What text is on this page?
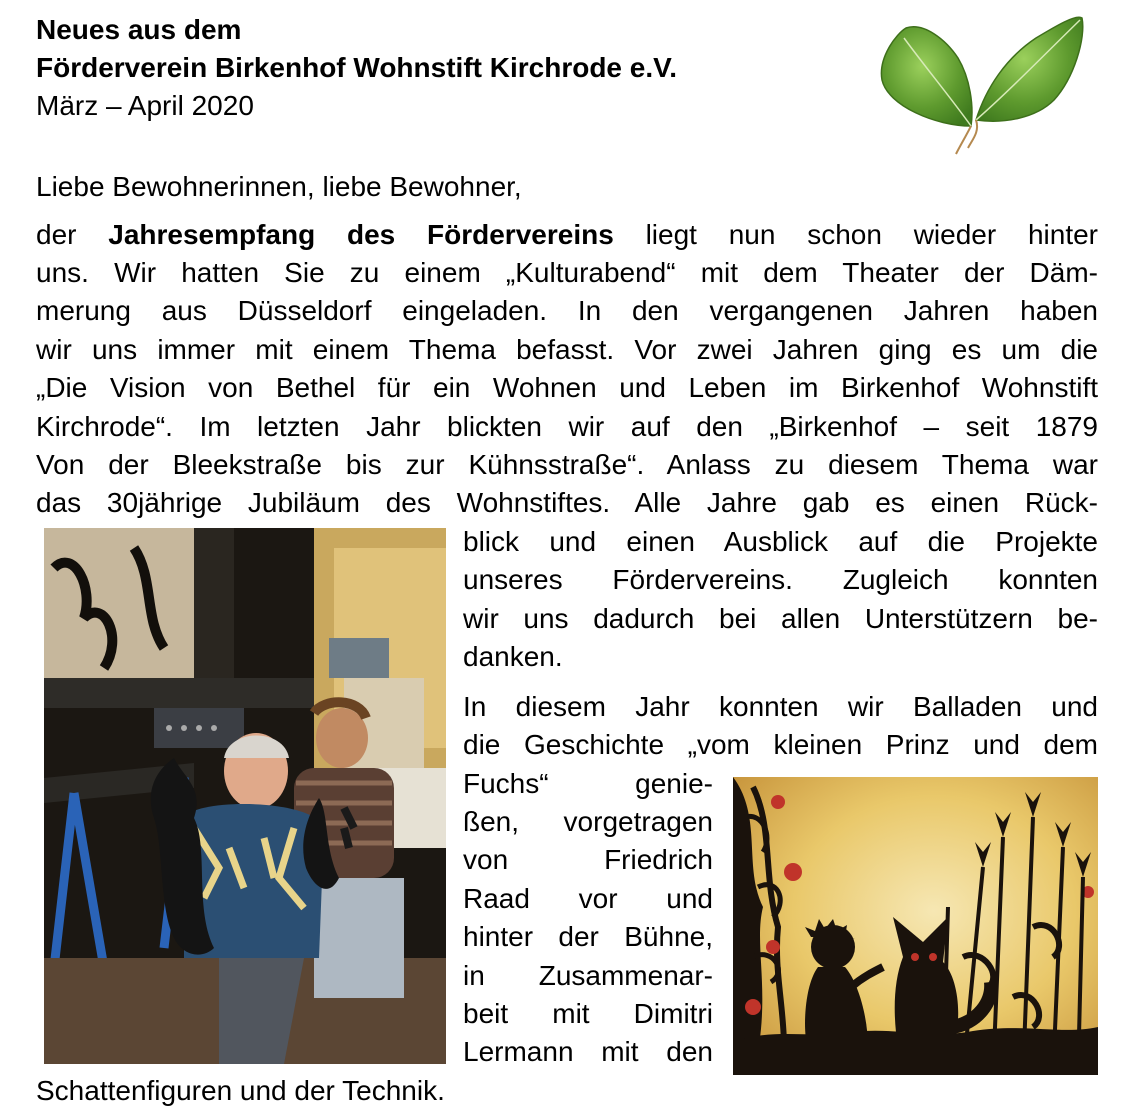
Neues aus dem
Förderverein Birkenhof Wohnstift Kirchrode e.V.
März – April 2020
Liebe Bewohnerinnen, liebe Bewohner,
der Jahresempfang des Fördervereins liegt nun schon wieder hinter
uns. Wir hatten Sie zu einem „Kulturabend“ mit dem Theater der Däm-
merung aus Düsseldorf eingeladen. In den vergangenen Jahren haben
wir uns immer mit einem Thema befasst. Vor zwei Jahren ging es um die
„Die Vision von Bethel für ein Wohnen und Leben im Birkenhof Wohnstift
Kirchrode“. Im letzten Jahr blickten wir auf den „Birkenhof – seit 1879
Von der Bleekstraße bis zur Kühnsstraße“. Anlass zu diesem Thema war
das 30jährige Jubiläum des Wohnstiftes. Alle Jahre gab es einen Rück-
blick und einen Ausblick auf die Projekte
unseres Fördervereins. Zugleich konnten
wir uns dadurch bei allen Unterstützern be-
danken.
In diesem Jahr konnten wir Balladen und
die Geschichte „vom kleinen Prinz und dem
Fuchs“ genie-
ßen, vorgetragen
von Friedrich
Raad vor und
hinter der Bühne,
in Zusammenar-
beit mit Dimitri
Lermann mit den
Schattenfiguren und der Technik.
